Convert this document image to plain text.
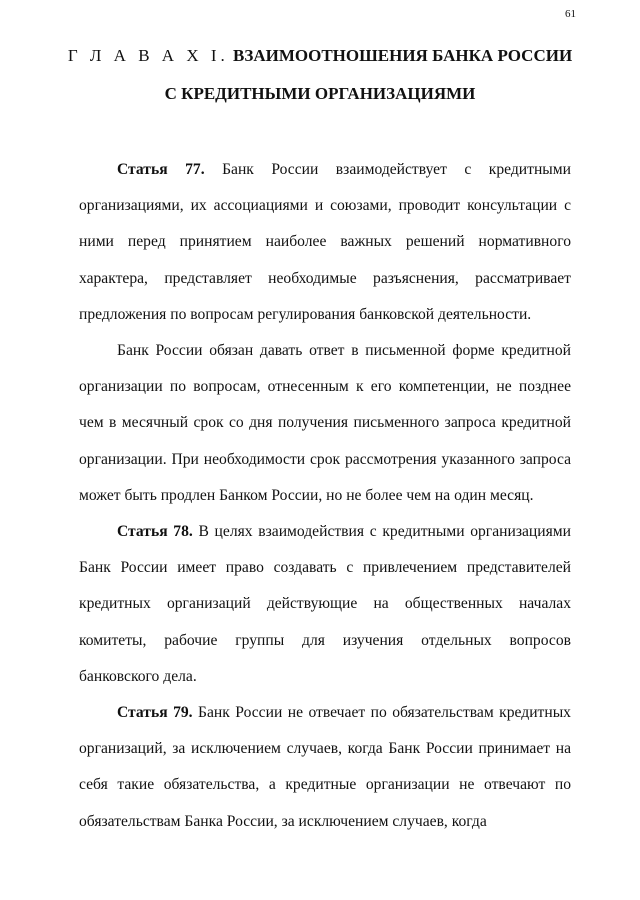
61
Г Л А В А X I. ВЗАИМООТНОШЕНИЯ БАНКА РОССИИ
С КРЕДИТНЫМИ ОРГАНИЗАЦИЯМИ

Статья 77. Банк России взаимодействует с кредитными организациями, их ассоциациями и союзами, проводит консультации с ними перед принятием наиболее важных решений нормативного характера, представляет необходимые разъяснения, рассматривает предложения по вопросам регулирования банковской деятельности.

Банк России обязан давать ответ в письменной форме кредитной организации по вопросам, отнесенным к его компетенции, не позднее чем в месячный срок со дня получения письменного запроса кредитной организации. При необходимости срок рассмотрения указанного запроса может быть продлен Банком России, но не более чем на один месяц.

Статья 78. В целях взаимодействия с кредитными организациями Банк России имеет право создавать с привлечением представителей кредитных организаций действующие на общественных началах комитеты, рабочие группы для изучения отдельных вопросов банковского дела.

Статья 79. Банк России не отвечает по обязательствам кредитных организаций, за исключением случаев, когда Банк России принимает на себя такие обязательства, а кредитные организации не отвечают по обязательствам Банка России, за исключением случаев, когда
